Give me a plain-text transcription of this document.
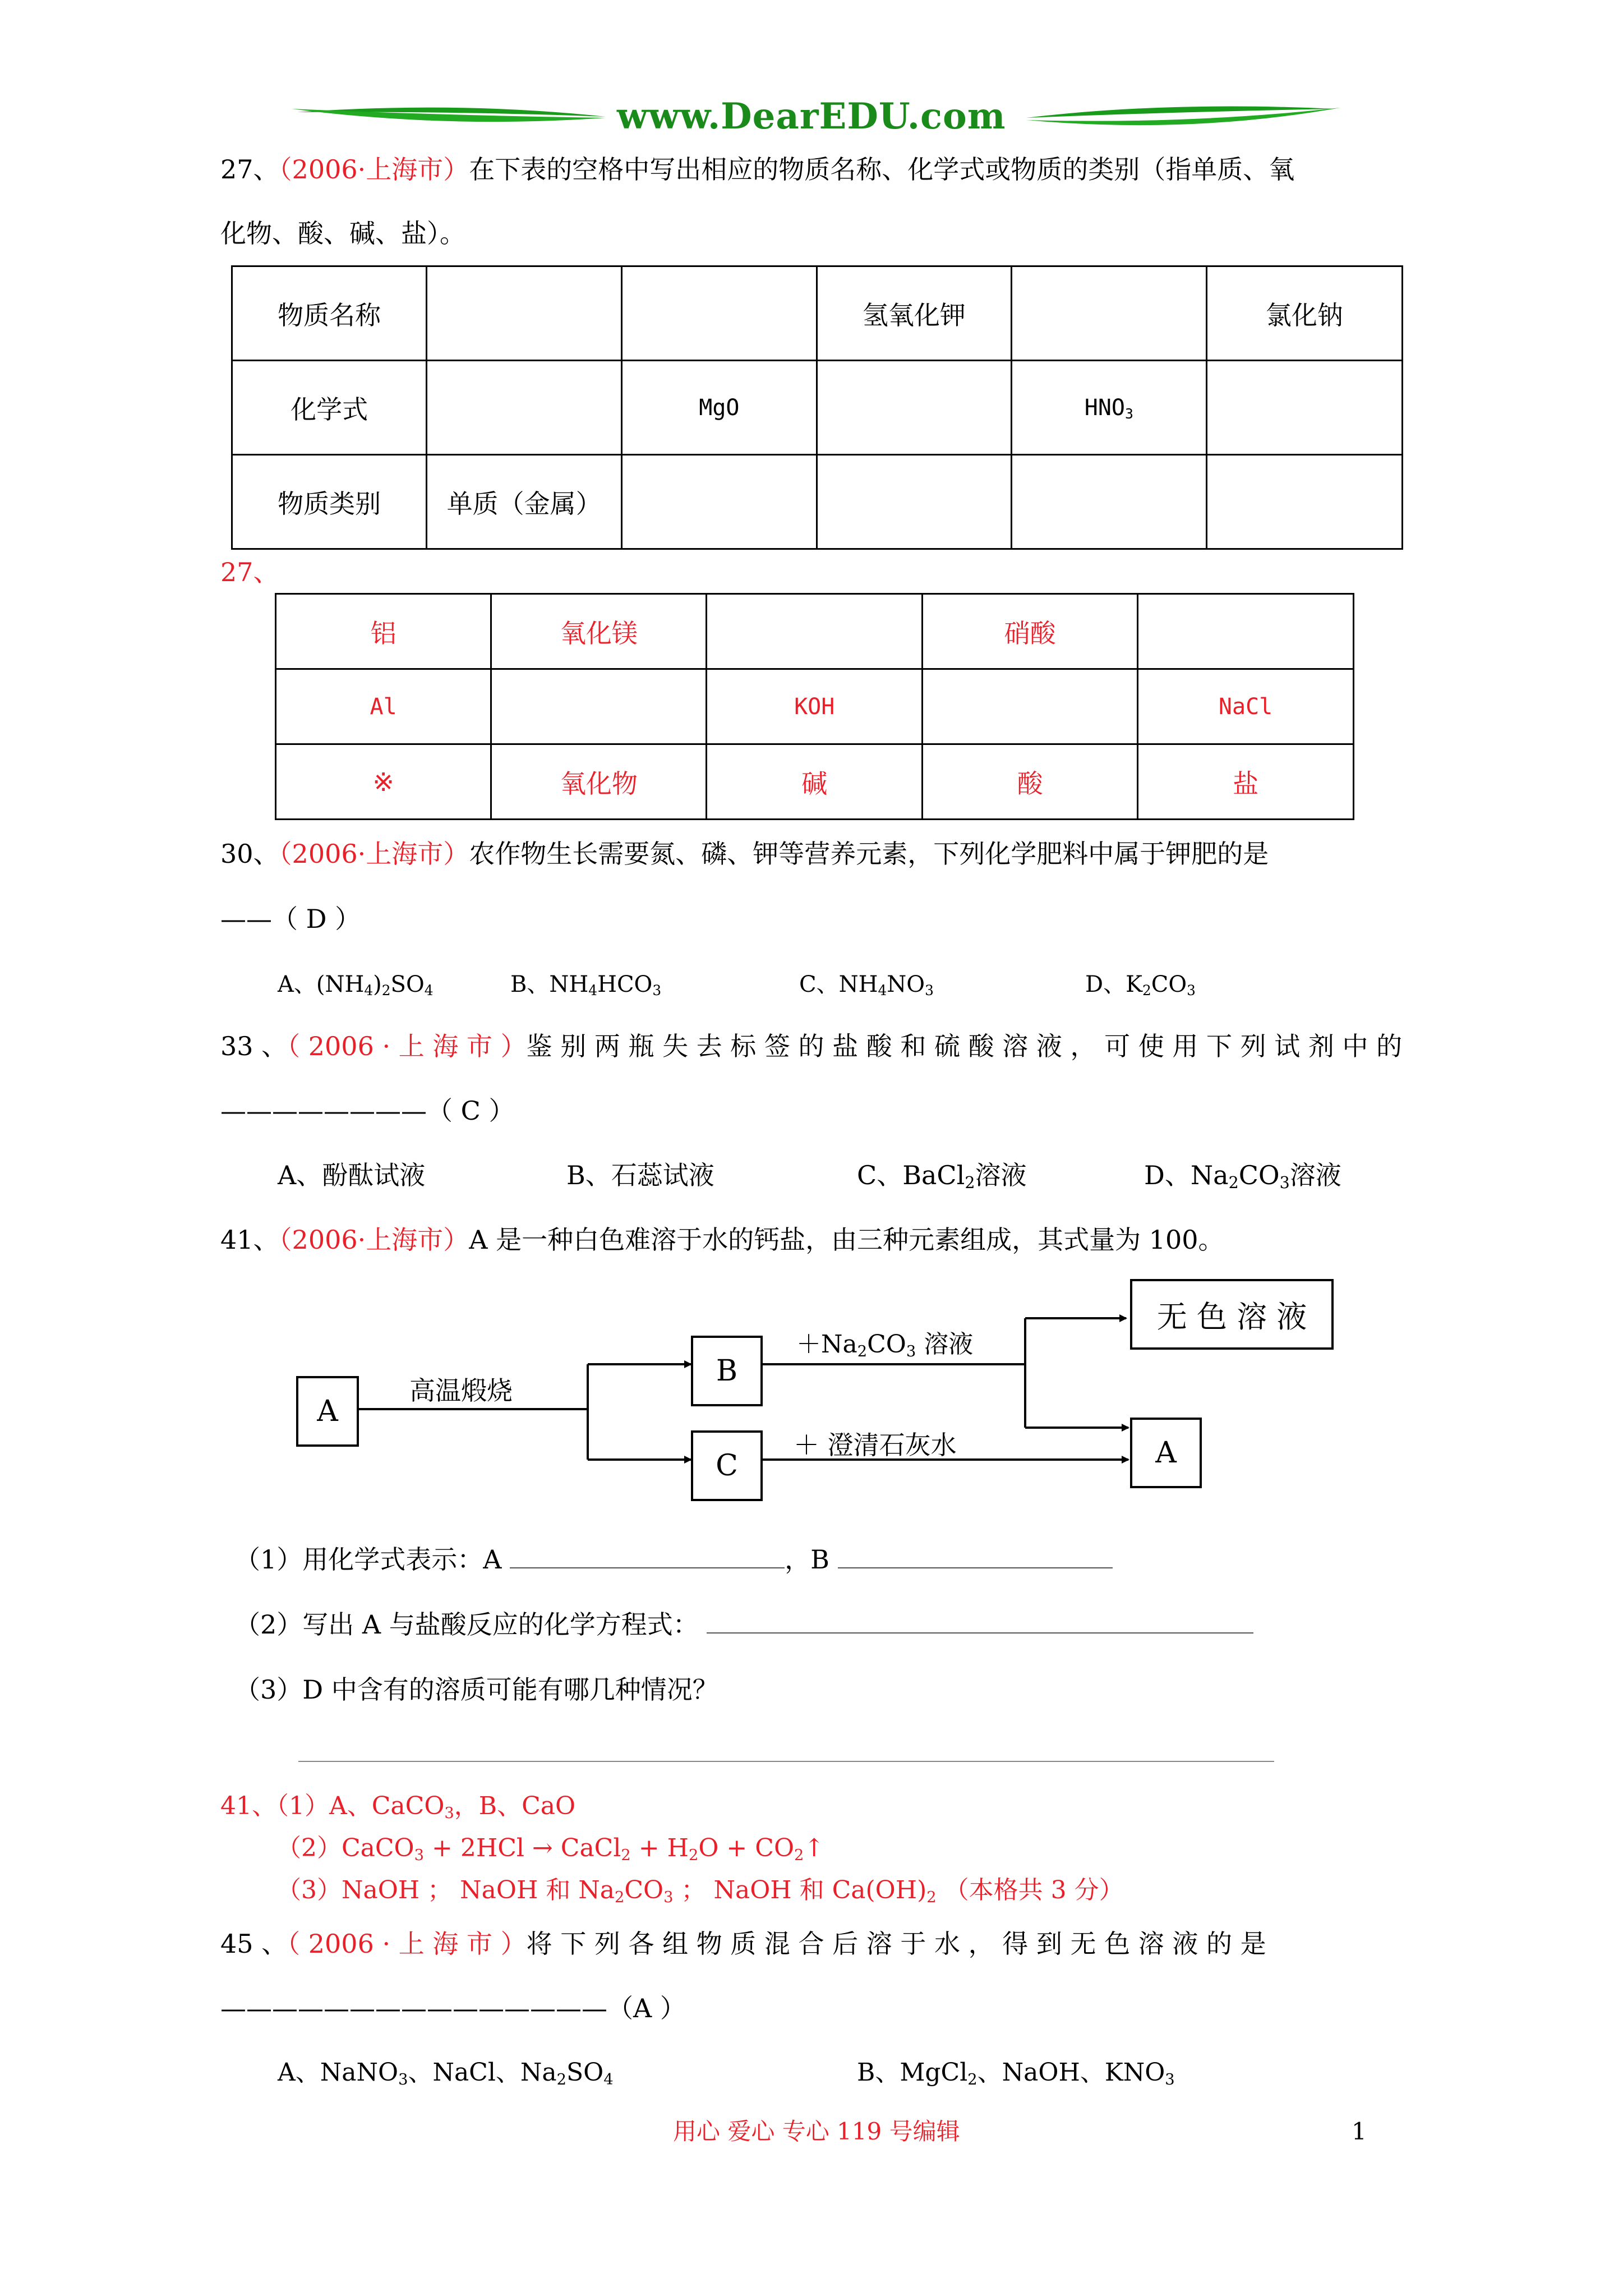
www.DearEDU.com
27、（2006·上海市）在下表的空格中写出相应的物质名称、化学式或物质的类别（指单质、氧
化物、酸、碱、盐）。
物质名称			氢氧化钾		氯化钠
化学式		MgO		$HNO_3$	
物质类别	单质（金属）				
27、
铝	氧化镁		硝酸	
Al		KOH		NaCl
※	氧化物	碱	酸	盐
30、（2006·上海市）农作物生长需要氮、磷、钾等营养元素，下列化学肥料中属于钾肥的是
——（ D ）
A、$(NH_4)_2SO_4$	B、$NH_4HCO_3$	C、$NH_4NO_3$	D、$K_2CO_3$
33 、（ 2006 · 上 海 市 ）鉴 别 两 瓶 失 去 标 签 的 盐 酸 和 硫 酸 溶 液 ， 可 使 用 下 列 试 剂 中 的
————————（ C ）
A、酚酞试液	B、石蕊试液	C、BaCl$_2$溶液	D、$Na_2CO_3$溶液
41、（2006·上海市）A 是一种白色难溶于水的钙盐，由三种元素组成，其式量为 100。
A
B
C	A
无 色 溶 液
高温煅烧
$+Na_2CO_3$ 溶液
＋ 澄清石灰水
（1）用化学式表示：A	，B
（2）写出 A 与盐酸反应的化学方程式：
（3）D 中含有的溶质可能有哪几种情况？
41、（1）A、CaCO$_3$，B、CaO
（2）CaCO$_3$ + 2HCl → CaCl$_2$ + $H_2O$ + $CO_2↑$
（3）NaOH ； NaOH 和 $Na_2CO_3$ ； NaOH 和 $Ca(OH)_2$ （本格共 3 分）
45 、（ 2006 · 上 海 市 ）将 下 列 各 组 物 质 混 合 后 溶 于 水 ， 得 到 无 色 溶 液 的 是
———————————————（A ）
A、NaNO$_3$、NaCl、$Na_2SO_4$	B、MgCl$_2$、NaOH、$KNO_3$
用心 爱心 专心 119 号编辑	1
